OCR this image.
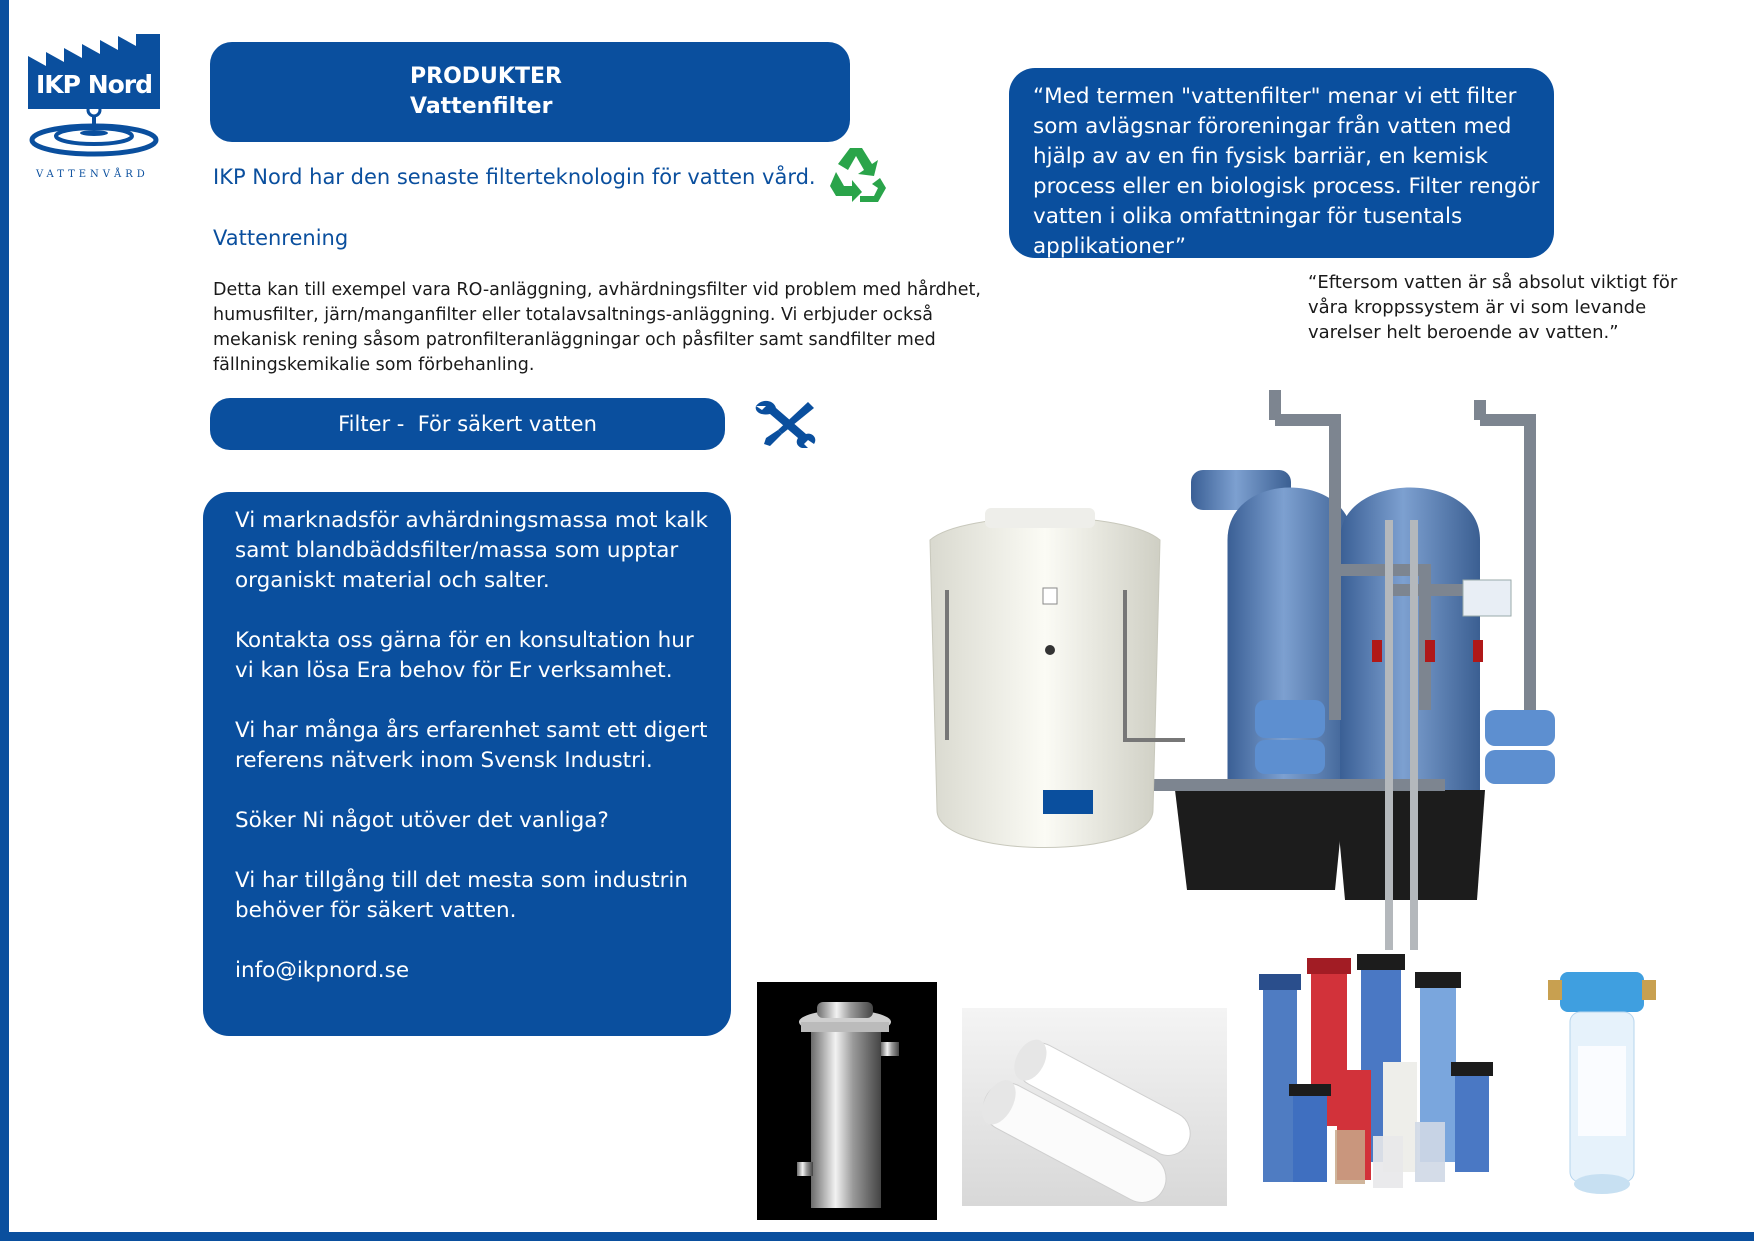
IKP Nord
VATTENVÅRD
PRODUKTER
Vattenfilter
IKP Nord har den senaste filterteknologin för vatten vård.
Vattenrening
Detta kan till exempel vara RO-anläggning, avhärdningsfilter vid problem med hårdhet, humusfilter, järn/manganfilter eller totalavsaltnings-anläggning. Vi erbjuder också mekanisk rening såsom patronfilteranläggningar och påsfilter samt sandfilter med fällningskemikalie som förbehanling.
Filter -  För säkert vatten
Vi marknadsför avhärdningsmassa mot kalk samt blandbäddsfilter/massa som upptar organiskt material och salter.
Kontakta oss gärna för en konsultation hur vi kan lösa Era behov för Er verksamhet.
Vi har många års erfarenhet samt ett digert referens nätverk inom Svensk Industri.
Söker Ni något utöver det vanliga?
Vi har tillgång till det mesta som industrin behöver för säkert vatten.
info@ikpnord.se
“Med termen "vattenfilter" menar vi ett filter som avlägsnar föroreningar från vatten med hjälp av av en fin fysisk barriär, en kemisk process eller en biologisk process. Filter rengör vatten i olika omfattningar för tusentals applikationer”
“Eftersom vatten är så absolut viktigt för våra kroppssystem är vi som levande varelser helt beroende av vatten.”
